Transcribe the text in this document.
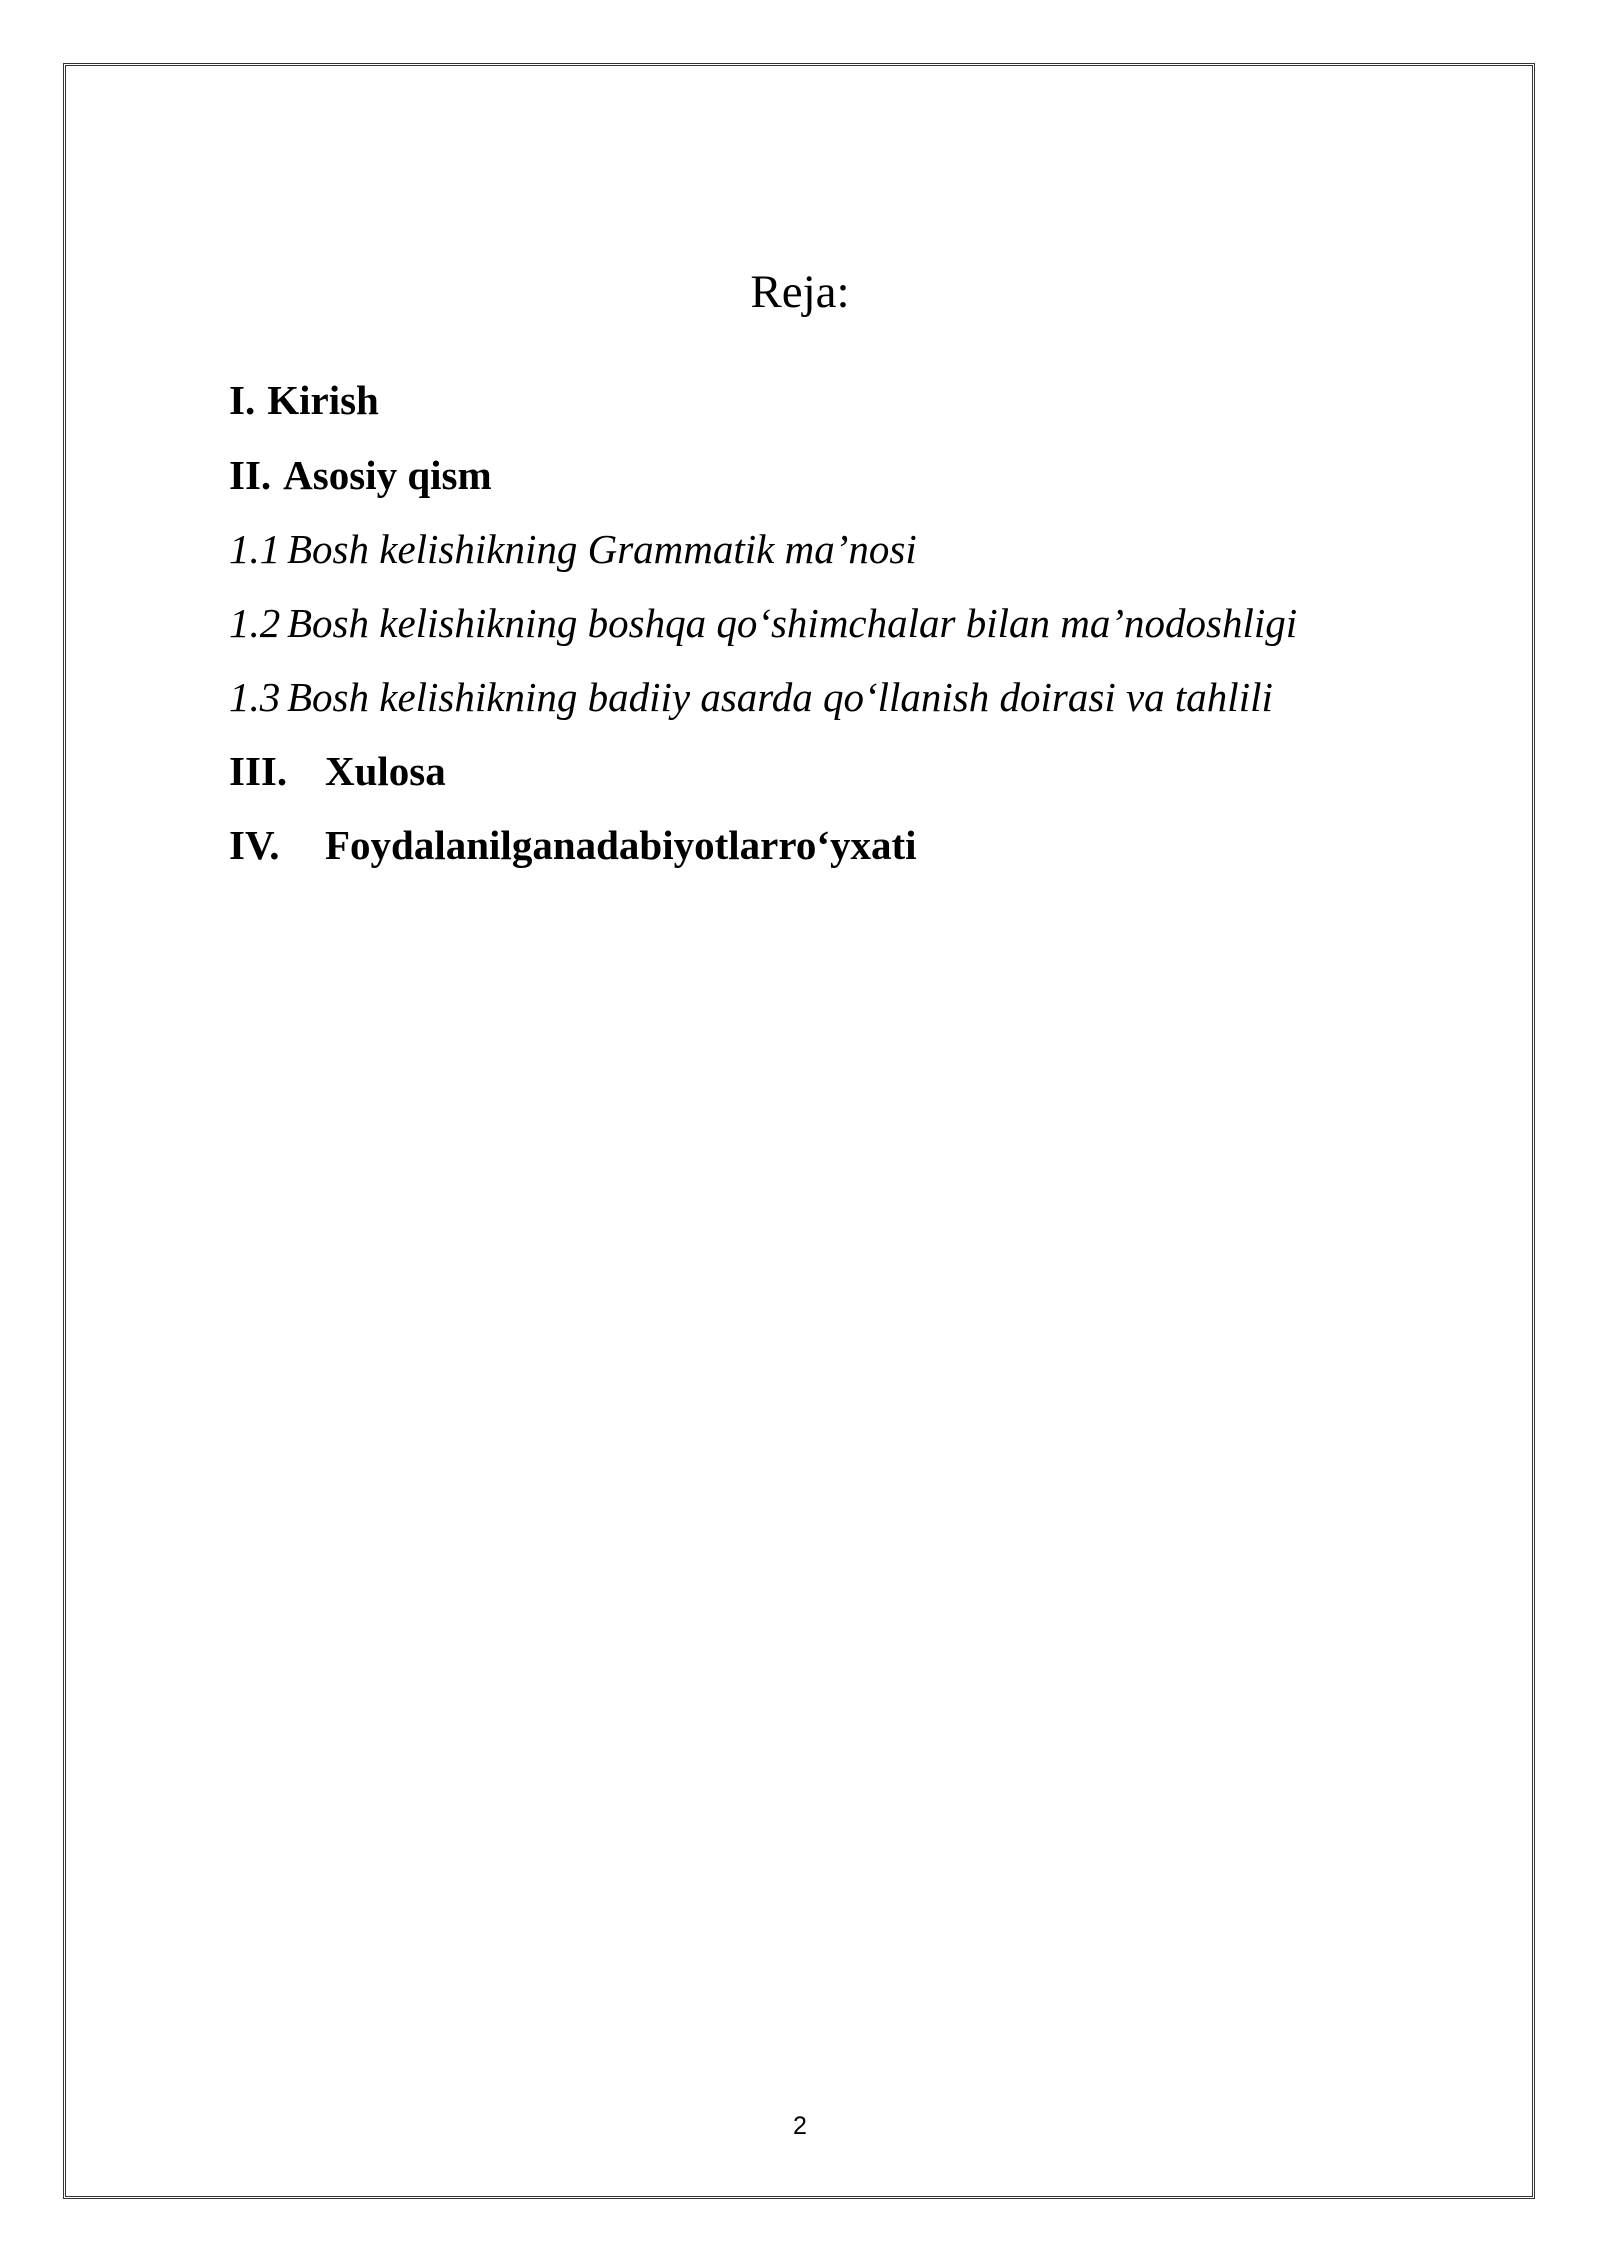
Reja:
I. Kirish
II. Asosiy qism
1.1 Bosh kelishikning Grammatik ma’nosi
1.2 Bosh kelishikning boshqa qo‘shimchalar bilan ma’nodoshligi
1.3 Bosh kelishikning badiiy asarda qo‘llanish doirasi va tahlili
III. Xulosa
IV. Foydalanilganadabiyotlarro‘yxati
2
